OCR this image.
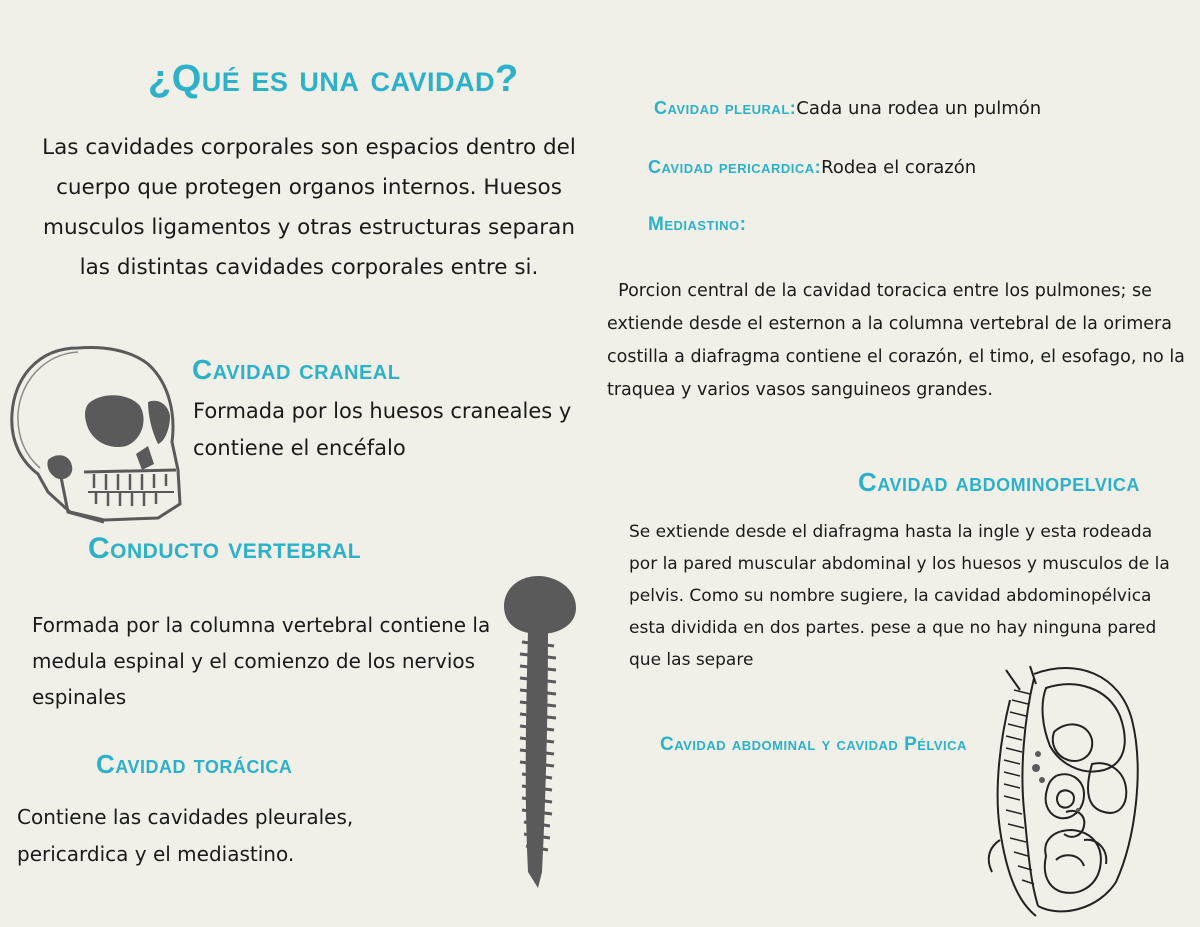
¿Qué es una cavidad?

Las cavidades corporales son espacios dentro del cuerpo que protegen organos internos. Huesos musculos ligamentos y otras estructuras separan las distintas cavidades corporales entre si.

Cavidad craneal

Formada por los huesos craneales y contiene el encéfalo

Conducto vertebral

Formada por la columna vertebral contiene la medula espinal y el comienzo de los nervios espinales

Cavidad torácica

Contiene las cavidades pleurales, pericardica y el mediastino.

Cavidad pleural:Cada una rodea un pulmón

Cavidad pericardica:Rodea el corazón

Mediastino:

Porcion central de la cavidad toracica entre los pulmones; se extiende desde el esternon a la columna vertebral de la orimera costilla a diafragma contiene el corazón, el timo, el esofago, no la traquea y varios vasos sanguineos grandes.

Cavidad abdominopelvica

Se extiende desde el diafragma hasta la ingle y esta rodeada por la pared muscular abdominal y los huesos y musculos de la pelvis. Como su nombre sugiere, la cavidad abdominopélvica esta dividida en dos partes. pese a que no hay ninguna pared que las separe

Cavidad abdominal y cavidad Pélvica
